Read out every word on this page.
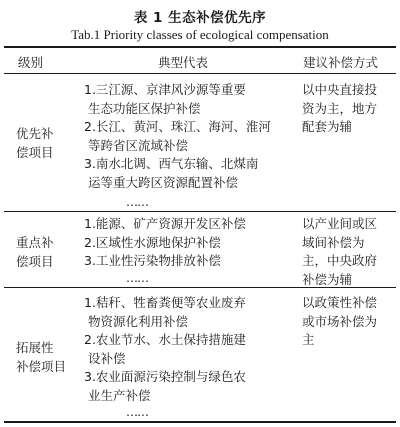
表 1 生态补偿优先序
Tab.1 Priority classes of ecological compensation
级别	典型代表	建议补偿方式
优先补
偿项目
1.三江源、京津风沙源等重要
生态功能区保护补偿
2.长江、黄河、珠江、海河、淮河
等跨省区流域补偿
3.南水北调、西气东输、北煤南
运等重大跨区资源配置补偿
……
以中央直接投
资为主，地方
配套为辅
重点补
偿项目
1.能源、矿产资源开发区补偿
2.区域性水源地保护补偿
3.工业性污染物排放补偿
……
以产业间或区
域间补偿为
主，中央政府
补偿为辅
拓展性
补偿项目
1.秸秆、牲畜粪便等农业废弃
物资源化利用补偿
2.农业节水、水土保持措施建
设补偿
3.农业面源污染控制与绿色农
业生产补偿
……
以政策性补偿
或市场补偿为
主
